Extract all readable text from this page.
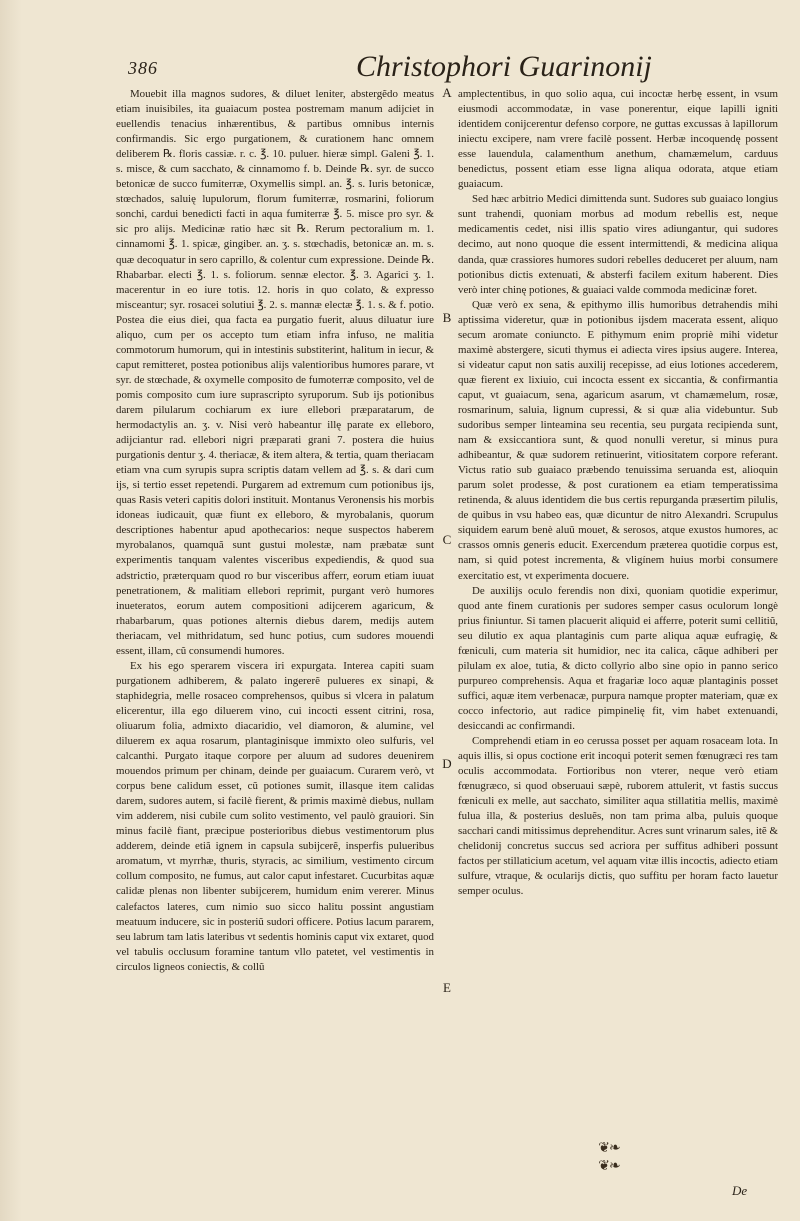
386	Christophori Guarinonij

Mouebit illa magnos sudores, & diluet leniter, abstergẽdo meatus etiam inuisibiles, ita guaiacum postea postremam manum adijciet in euellendis tenacius inhærentibus, & partibus omnibus internis confirmandis. Sic ergo purgationem, & curationem hanc omnem deliberem ℞. floris cassiæ. r. c. ℥. 10. puluer. hieræ simpl. Galeni ℥. 1. s. misce, & cum sacchato, & cinnamomo f. b. Deinde ℞. syr. de succo betonicæ de succo fumiterræ, Oxymellis simpl. an. ℥. s. Iuris betonicæ, stœchados, saluię lupulorum, florum fumiterræ, rosmarini, foliorum sonchi, cardui benedicti facti in aqua fumiterræ ℥. 5. misce pro syr. & sic pro alijs. Medicinæ ratio hæc sit ℞. Rerum pectoralium m. 1. cinnamomi ℥. 1. spicæ, gingiber. an. ʒ. s. stœchadis, betonicæ an. m. s. quæ decoquatur in sero caprillo, & colentur cum expressione. Deinde ℞. Rhabarbar. electi ℥. 1. s. foliorum. sennæ elector. ℥. 3. Agarici ʒ. 1. macerentur in eo iure totis. 12. horis in quo colato, & expresso misceantur; syr. rosacei solutiui ℥. 2. s. mannæ electæ ℥. 1. s. & f. potio. Postea die eius diei, qua facta ea purgatio fuerit, aluus diluatur iure aliquo, cum per os accepto tum etiam infra infuso, ne malitia commotorum humorum, qui in intestinis substiterint, halitum in iecur, & caput remitteret, postea potionibus alijs valentioribus humores parare, vt syr. de stœchade, & oxymelle composito de fumoterræ composito, vel de pomis composito cum iure suprascripto syruporum. Sub ijs potionibus darem pilularum cochiarum ex iure ellebori præparatarum, de hermodactylis an. ʒ. v. Nisi verò habeantur illę parate ex elleboro, adijciantur rad. ellebori nigri præparati grani 7. postera die huius purgationis dentur ʒ. 4. theriacæ, & item altera, & tertia, quam theriacam etiam vna cum syrupis supra scriptis datam vellem ad ℥. s. & dari cum ijs, si tertio esset repetendi. Purgarem ad extremum cum potionibus ijs, quas Rasis veteri capitis dolori instituit. Montanus Veronensis his morbis idoneas iudicauit, quæ fiunt ex elleboro, & myrobalanis, quorum descriptiones habentur apud apothecarios: neque suspectos haberem myrobalanos, quamquã sunt gustui molestæ, nam præbatæ sunt experimentis tanquam valentes visceribus expediendis, & quod sua adstrictio, præterquam quod ro bur visceribus afferr, eorum etiam iuuat penetrationem, & malitiam ellebori reprimit, purgant verò humores inueteratos, eorum autem compositioni adijcerem agaricum, & rhabarbarum, quas potiones alternis diebus darem, medijs autem theriacam, vel mithridatum, sed hunc potius, cum sudores mouendi essent, illam, cũ consumendi humores.

Ex his ego sperarem viscera iri expurgata. Interea capiti suam purgationem adhiberem, & palato ingererẽ pulueres ex sinapi, & staphidegria, melle rosaceo comprehensos, quibus si vlcera in palatum elicerentur, illa ego diluerem vino, cui incocti essent citrini, rosa, oliuarum folia, admixto diacaridio, vel diamoron, & aluminε, vel diluerem ex aqua rosarum, plantaginisque immixto oleo sulfuris, vel calcanthi. Purgato itaque corpore per aluum ad sudores deuenirem mouendos primum per chinam, deinde per guaiacum. Curarem verò, vt corpus bene calidum esset, cũ potiones sumit, illasque item calidas darem, sudores autem, si facilè fierent, & primis maximè diebus, nullam vim adderem, nisi cubile cum solito vestimento, vel paulò grauiori. Sin minus facilè fiant, præcipue posterioribus diebus vestimentorum plus adderem, deinde etiã ignem in capsula subijcerẽ, insperfis pulueribus aromatum, vt myrrhæ, thuris, styracis, ac similium, vestimento circum collum composito, ne fumus, aut calor caput infestaret. Cucurbitas aquæ calidæ plenas non libenter subijcerem, humidum enim vererer. Minus calefactos lateres, cum nimio suo sicco halitu possint angustiam meatuum inducere, sic in posteriũ sudori officere. Potius lacum pararem, seu labrum tam latis lateribus vt sedentis hominis caput vix extaret, quod vel tabulis occlusum foramine tantum vllo patetet, vel vestimentis in circulos ligneos coniectis, & collũ

A
B
C
D
E

amplectentibus, in quo solio aqua, cui incoctæ herbę essent, in vsum eiusmodi accommodatæ, in vase ponerentur, eique lapilli igniti identidem conijcerentur defenso corpore, ne guttas excussas à lapillorum iniectu excipere, nam vrere facilè possent. Herbæ incoquendę possent esse lauendula, calamenthum anethum, chamæmelum, carduus benedictus, possent etiam esse ligna aliqua odorata, atque etiam guaiacum.

Sed hæc arbitrio Medici dimittenda sunt. Sudores sub guaiaco longius sunt trahendi, quoniam morbus ad modum rebellis est, neque medicamentis cedet, nisi illis spatio vires adiungantur, qui sudores decimo, aut nono quoque die essent intermittendi, & medicina aliqua danda, quæ crassiores humores sudori rebelles deduceret per aluum, nam potionibus dictis extenuati, & absterfi facilem exitum haberent. Dies verò inter chinę potiones, & guaiaci valde commoda medicinæ foret.

Quæ verò ex sena, & epithymo illis humoribus detrahendis mihi aptissima videretur, quæ in potionibus ijsdem macerata essent, aliquo secum aromate coniuncto. E pithymum enim propriè mihi videtur maximè abstergere, sicuti thymus ei adiecta vires ipsius augere. Interea, si videatur caput non satis auxilij recepisse, ad eius lotiones accederem, quæ fierent ex lixiuio, cui incocta essent ex siccantia, & confirmantia caput, vt guaiacum, sena, agaricum asarum, vt chamæmelum, rosæ, rosmarinum, saluia, lignum cupressi, & si quæ alia videbuntur. Sub sudoribus semper linteamina seu recentia, seu purgata recipienda sunt, nam & exsiccantiora sunt, & quod nonulli veretur, si minus pura adhibeantur, & quæ sudorem retinuerint, vitiositatem corpore referant. Victus ratio sub guaiaco præbendo tenuissima seruanda est, alioquin parum solet prodesse, & post curationem ea etiam temperatissima retinenda, & aluus identidem die bus certis repurganda præsertim pilulis, de quibus in vsu habeo eas, quæ dicuntur de nitro Alexandri. Scrupulus siquidem earum benè aluũ mouet, & serosos, atque exustos humores, ac crassos omnis generis educit. Exercendum præterea quotidie corpus est, nam, si quid potest incrementa, & vligínem huius morbi consumere exercitatio est, vt experimenta docuere.

De auxilijs oculo ferendis non dixi, quoniam quotidie experimur, quod ante finem curationis per sudores semper casus oculorum longè prius finiuntur. Si tamen placuerit aliquid ei afferre, poterit sumi cellitiũ, seu dilutio ex aqua plantaginis cum parte aliqua aquæ eufragię, & fœniculi, cum materia sit humidior, nec ita calica, cãque adhiberi per pilulam ex aloe, tutia, & dicto collyrio albo sine opio in panno serico purpureo comprehensis. Aqua et fragariæ loco aquæ plantaginis posset suffici, aquæ item verbenacæ, purpura namque propter materiam, quæ ex cocco infectorio, aut radice pimpinelię fit, vim habet extenuandi, desiccandi ac confirmandi.

Comprehendi etiam in eo cerussa posset per aquam rosaceam lota. In aquis illis, si opus coctione erit incoqui poterit semen fœnugræci res tam oculis accommodata. Fortioribus non vterer, neque verò etiam fœnugræco, si quod obseruaui sæpè, ruborem attulerit, vt fastis succus fœniculi ex melle, aut sacchato, similiter aqua stillatitia mellis, maximè fulua illa, & posterius desluẽs, non tam prima alba, puluis quoque sacchari candi mitissimus deprehenditur. Acres sunt vrinarum sales, itẽ & chelidonij concretus succus sed acriora per suffitus adhiberi possunt factos per stillaticium acetum, vel aquam vitæ illis incoctis, adiecto etiam sulfure, vtraque, & ocularijs dictis, quo suffitu per horam facto lauetur semper oculus.

❦❧
❦❧
De
